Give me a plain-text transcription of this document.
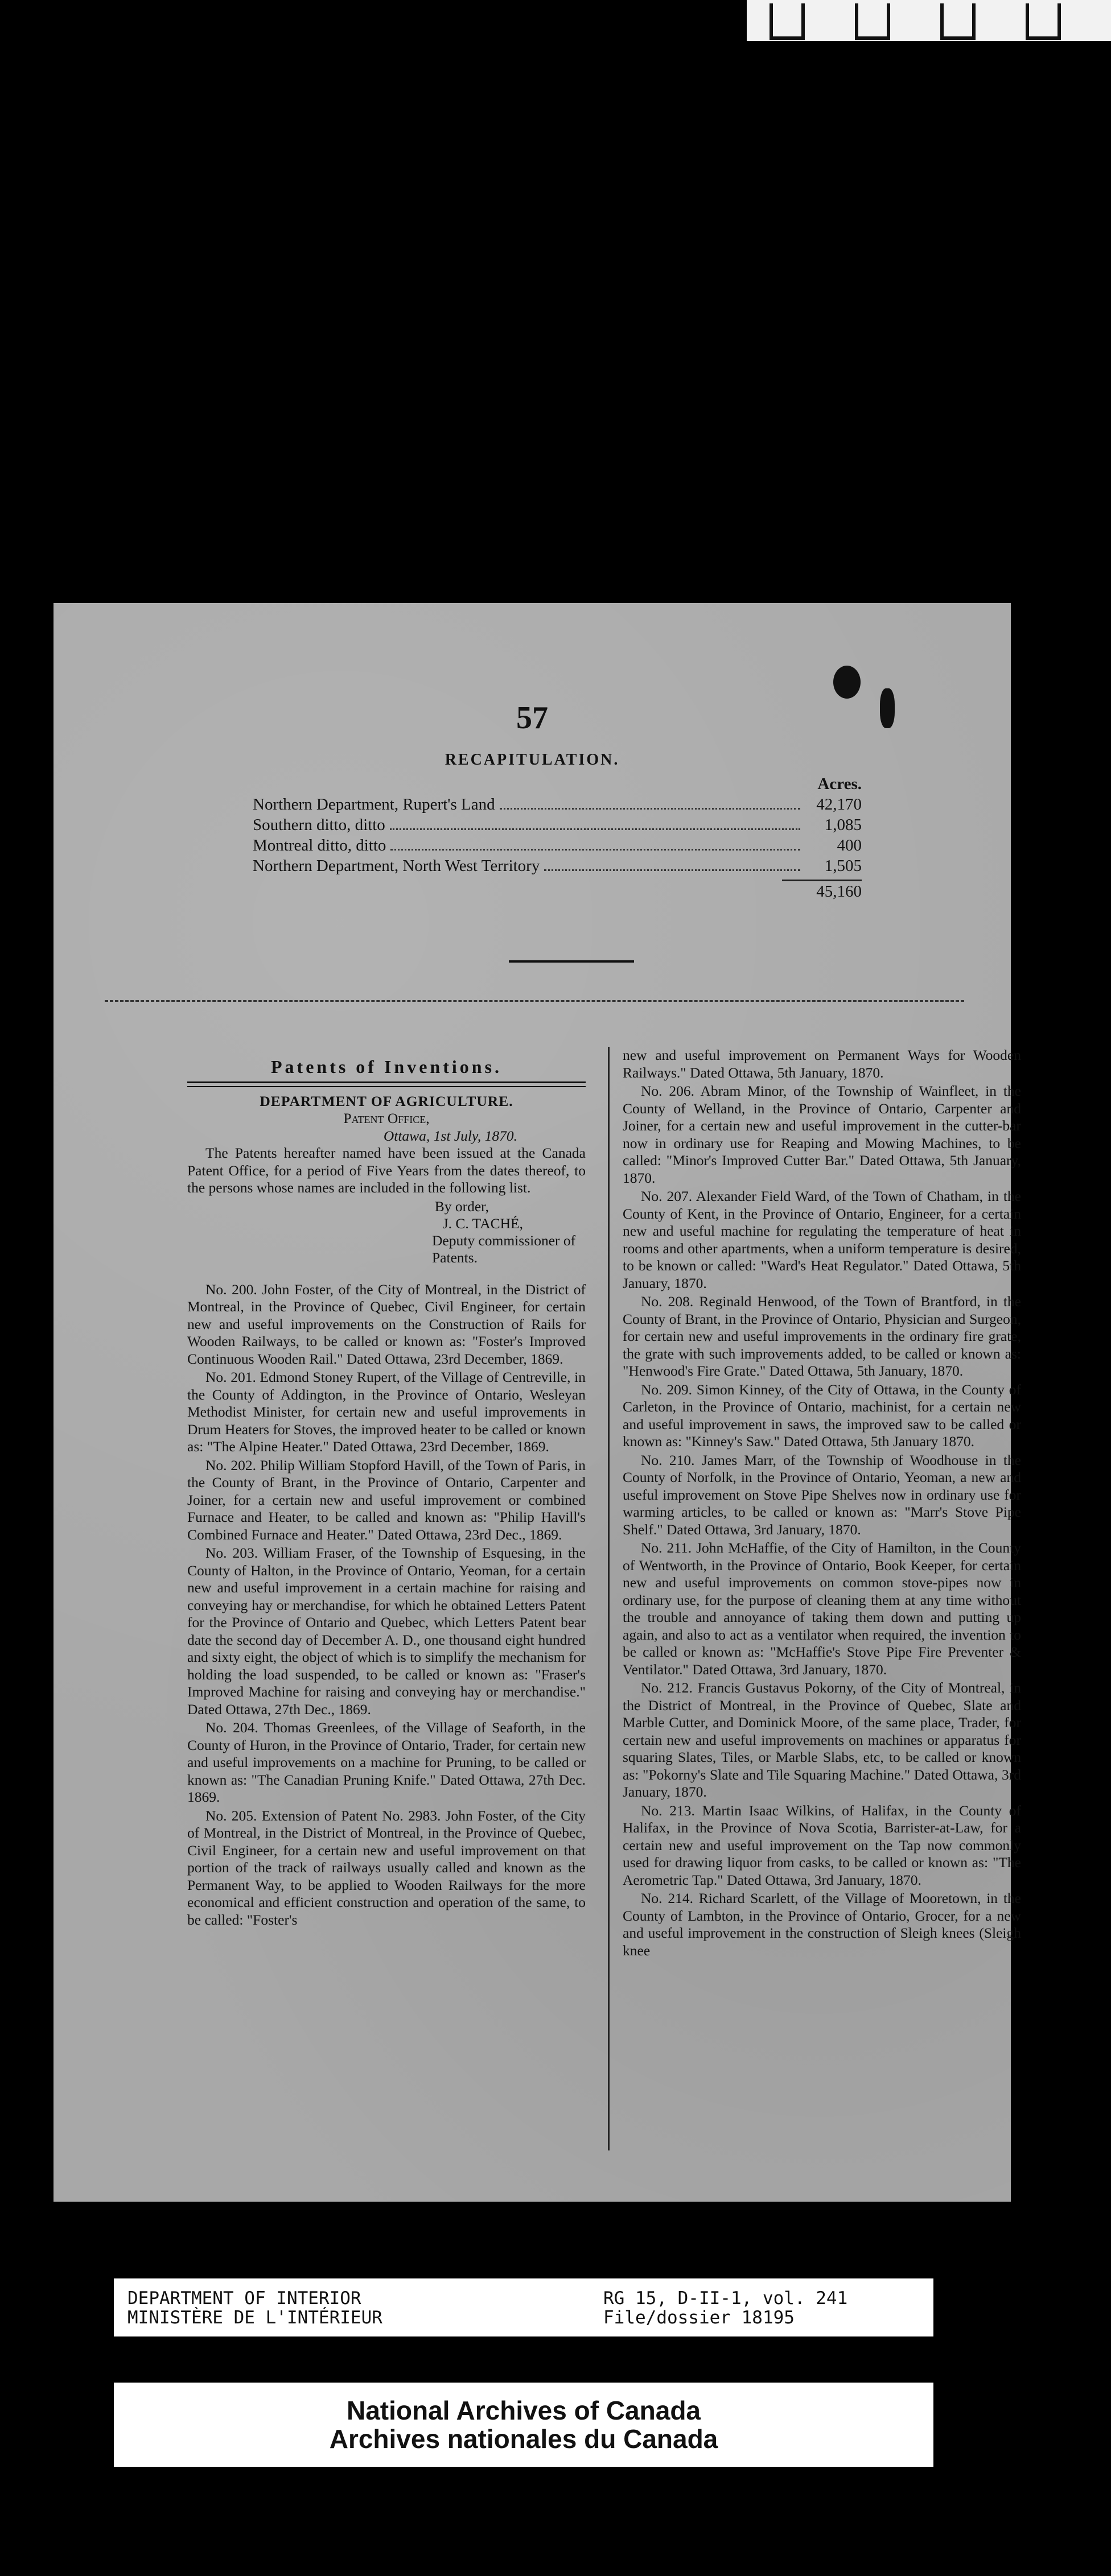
57
RECAPITULATION.
Acres.
Northern Department, Rupert's Land	42,170
Southern ditto, ditto	1,085
Montreal ditto, ditto	400
Northern Department, North West Territory	1,505
45,160
Patents of Inventions.
DEPARTMENT OF AGRICULTURE.
Patent Office,
Ottawa, 1st July, 1870.

The Patents hereafter named have been issued at the Canada Patent Office, for a period of Five Years from the dates thereof, to the persons whose names are included in the following list.

By order,
J. C. TACHÉ,
Deputy commissioner of Patents.

No. 200. John Foster, of the City of Montreal, in the District of Montreal, in the Province of Quebec, Civil Engineer, for certain new and useful improvements on the Construction of Rails for Wooden Railways, to be called or known as: "Foster's Improved Continuous Wooden Rail." Dated Ottawa, 23rd December, 1869.

No. 201. Edmond Stoney Rupert, of the Village of Centreville, in the County of Addington, in the Province of Ontario, Wesleyan Methodist Minister, for certain new and useful improvements in Drum Heaters for Stoves, the improved heater to be called or known as: "The Alpine Heater." Dated Ottawa, 23rd December, 1869.

No. 202. Philip William Stopford Havill, of the Town of Paris, in the County of Brant, in the Province of Ontario, Carpenter and Joiner, for a certain new and useful improvement or combined Furnace and Heater, to be called and known as: "Philip Havill's Combined Furnace and Heater." Dated Ottawa, 23rd Dec., 1869.

No. 203. William Fraser, of the Township of Esquesing, in the County of Halton, in the Province of Ontario, Yeoman, for a certain new and useful improvement in a certain machine for raising and conveying hay or merchandise, for which he obtained Letters Patent for the Province of Ontario and Quebec, which Letters Patent bear date the second day of December A. D., one thousand eight hundred and sixty eight, the object of which is to simplify the mechanism for holding the load suspended, to be called or known as: "Fraser's Improved Machine for raising and conveying hay or merchandise." Dated Ottawa, 27th Dec., 1869.

No. 204. Thomas Greenlees, of the Village of Seaforth, in the County of Huron, in the Province of Ontario, Trader, for certain new and useful improvements on a machine for Pruning, to be called or known as: "The Canadian Pruning Knife." Dated Ottawa, 27th Dec. 1869.

No. 205. Extension of Patent No. 2983. John Foster, of the City of Montreal, in the District of Montreal, in the Province of Quebec, Civil Engineer, for a certain new and useful improvement on that portion of the track of railways usually called and known as the Permanent Way, to be applied to Wooden Railways for the more economical and efficient construction and operation of the same, to be called: "Foster's

new and useful improvement on Permanent Ways for Wooden Railways." Dated Ottawa, 5th January, 1870.

No. 206. Abram Minor, of the Township of Wainfleet, in the County of Welland, in the Province of Ontario, Carpenter and Joiner, for a certain new and useful improvement in the cutter-bar now in ordinary use for Reaping and Mowing Machines, to be called: "Minor's Improved Cutter Bar." Dated Ottawa, 5th January, 1870.

No. 207. Alexander Field Ward, of the Town of Chatham, in the County of Kent, in the Province of Ontario, Engineer, for a certain new and useful machine for regulating the temperature of heat in rooms and other apartments, when a uniform temperature is desired, to be known or called: "Ward's Heat Regulator." Dated Ottawa, 5th January, 1870.

No. 208. Reginald Henwood, of the Town of Brantford, in the County of Brant, in the Province of Ontario, Physician and Surgeon, for certain new and useful improvements in the ordinary fire grate, the grate with such improvements added, to be called or known as: "Henwood's Fire Grate." Dated Ottawa, 5th January, 1870.

No. 209. Simon Kinney, of the City of Ottawa, in the County of Carleton, in the Province of Ontario, machinist, for a certain new and useful improvement in saws, the improved saw to be called or known as: "Kinney's Saw." Dated Ottawa, 5th January 1870.

No. 210. James Marr, of the Township of Woodhouse in the County of Norfolk, in the Province of Ontario, Yeoman, a new and useful improvement on Stove Pipe Shelves now in ordinary use for warming articles, to be called or known as: "Marr's Stove Pipe Shelf." Dated Ottawa, 3rd January, 1870.

No. 211. John McHaffie, of the City of Hamilton, in the County of Wentworth, in the Province of Ontario, Book Keeper, for certain new and useful improvements on common stove-pipes now in ordinary use, for the purpose of cleaning them at any time without the trouble and annoyance of taking them down and putting up again, and also to act as a ventilator when required, the invention to be called or known as: "McHaffie's Stove Pipe Fire Preventer & Ventilator." Dated Ottawa, 3rd January, 1870.

No. 212. Francis Gustavus Pokorny, of the City of Montreal, in the District of Montreal, in the Province of Quebec, Slate and Marble Cutter, and Dominick Moore, of the same place, Trader, for certain new and useful improvements on machines or apparatus for squaring Slates, Tiles, or Marble Slabs, etc, to be called or known as: "Pokorny's Slate and Tile Squaring Machine." Dated Ottawa, 3rd January, 1870.

No. 213. Martin Isaac Wilkins, of Halifax, in the County of Halifax, in the Province of Nova Scotia, Barrister-at-Law, for a certain new and useful improvement on the Tap now commonly used for drawing liquor from casks, to be called or known as: "The Aerometric Tap." Dated Ottawa, 3rd January, 1870.

No. 214. Richard Scarlett, of the Village of Mooretown, in the County of Lambton, in the Province of Ontario, Grocer, for a new and useful improvement in the construction of Sleigh knees (Sleigh knee

DEPARTMENT OF INTERIOR
MINISTÈRE DE L'INTÉRIEUR
RG 15, D-II-1, vol. 241
File/dossier 18195
National Archives of Canada
Archives nationales du Canada
